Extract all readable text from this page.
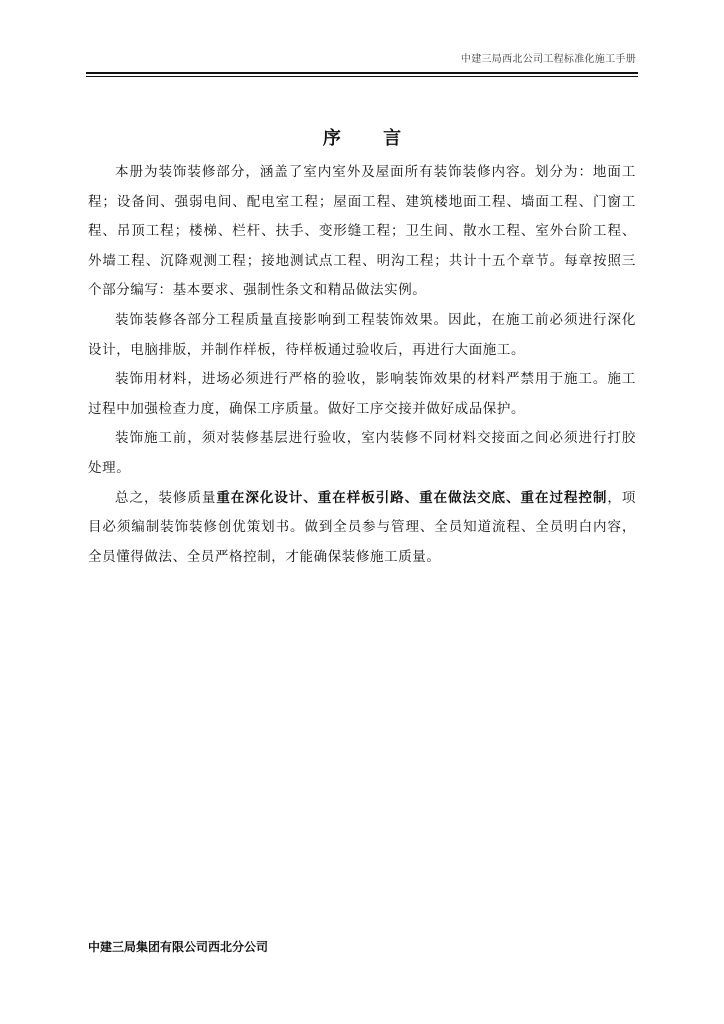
中建三局西北公司工程标准化施工手册
序 言

本册为装饰装修部分，涵盖了室内室外及屋面所有装饰装修内容。划分为：地面工程；设备间、强弱电间、配电室工程；屋面工程、建筑楼地面工程、墙面工程、门窗工程、吊顶工程；楼梯、栏杆、扶手、变形缝工程；卫生间、散水工程、室外台阶工程、外墙工程、沉降观测工程；接地测试点工程、明沟工程；共计十五个章节。每章按照三个部分编写：基本要求、强制性条文和精品做法实例。

装饰装修各部分工程质量直接影响到工程装饰效果。因此，在施工前必须进行深化设计，电脑排版，并制作样板，待样板通过验收后，再进行大面施工。

装饰用材料，进场必须进行严格的验收，影响装饰效果的材料严禁用于施工。施工过程中加强检查力度，确保工序质量。做好工序交接并做好成品保护。

装饰施工前，须对装修基层进行验收，室内装修不同材料交接面之间必须进行打胶处理。

总之，装修质量重在深化设计、重在样板引路、重在做法交底、重在过程控制，项目必须编制装饰装修创优策划书。做到全员参与管理、全员知道流程、全员明白内容，全员懂得做法、全员严格控制，才能确保装修施工质量。

中建三局集团有限公司西北分公司
